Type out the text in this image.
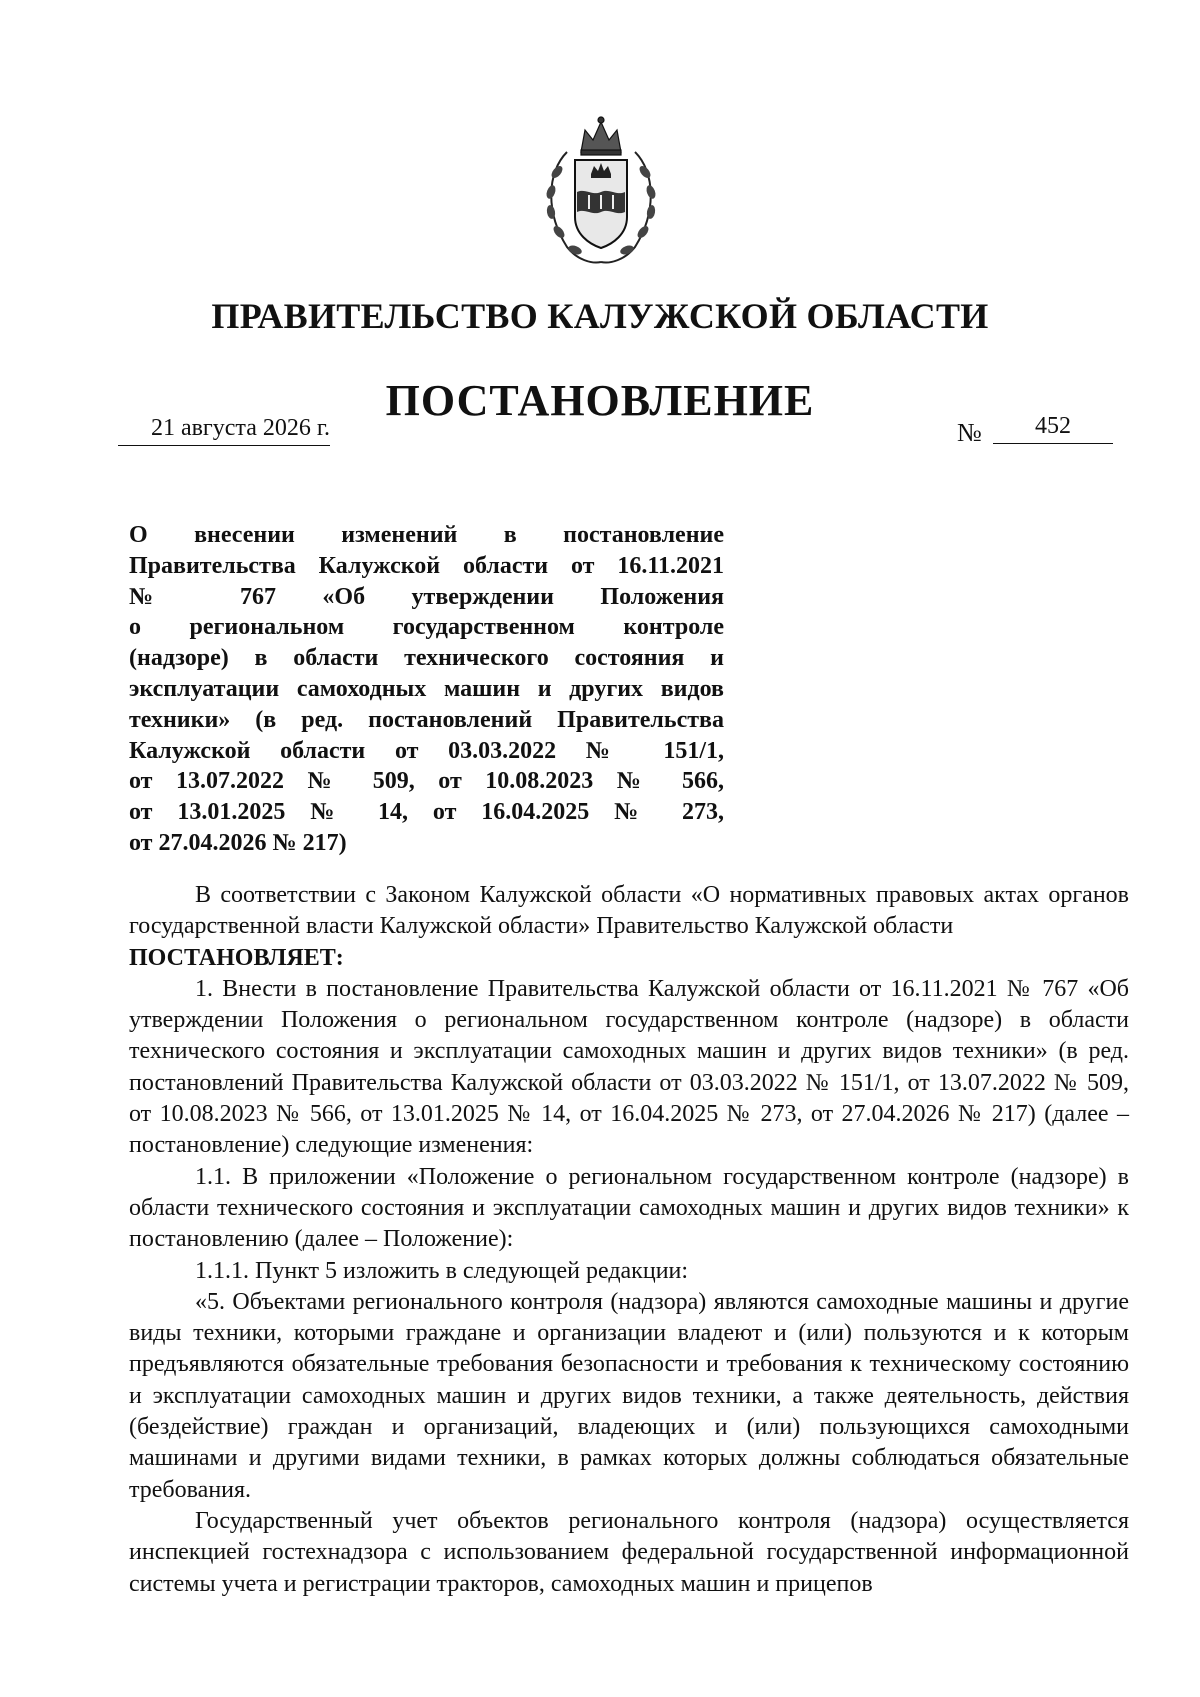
ПРАВИТЕЛЬСТВО КАЛУЖСКОЙ ОБЛАСТИ
ПОСТАНОВЛЕНИЕ
21 августа 2026 г.	№	452
О внесении изменений в постановление
Правительства Калужской области от 16.11.2021
№ 767 «Об утверждении Положения
о региональном государственном контроле
(надзоре) в области технического состояния и
эксплуатации самоходных машин и других видов
техники» (в ред. постановлений Правительства
Калужской области от 03.03.2022 № 151/1,
от 13.07.2022 № 509, от 10.08.2023 № 566,
от 13.01.2025 № 14, от 16.04.2025 № 273,
от 27.04.2026 № 217)

В соответствии с Законом Калужской области «О нормативных правовых актах органов государственной власти Калужской области» Правительство Калужской области

ПОСТАНОВЛЯЕТ:

1. Внести в постановление Правительства Калужской области от 16.11.2021 № 767 «Об утверждении Положения о региональном государственном контроле (надзоре) в области технического состояния и эксплуатации самоходных машин и других видов техники» (в ред. постановлений Правительства Калужской области от 03.03.2022 № 151/1, от 13.07.2022 № 509, от 10.08.2023 № 566, от 13.01.2025 № 14, от 16.04.2025 № 273, от 27.04.2026 № 217) (далее – постановление) следующие изменения:

1.1. В приложении «Положение о региональном государственном контроле (надзоре) в области технического состояния и эксплуатации самоходных машин и других видов техники» к постановлению (далее – Положение):

1.1.1. Пункт 5 изложить в следующей редакции:

«5. Объектами регионального контроля (надзора) являются самоходные машины и другие виды техники, которыми граждане и организации владеют и (или) пользуются и к которым предъявляются обязательные требования безопасности и требования к техническому состоянию и эксплуатации самоходных машин и других видов техники, а также деятельность, действия (бездействие) граждан и организаций, владеющих и (или) пользующихся самоходными машинами и другими видами техники, в рамках которых должны соблюдаться обязательные требования.

Государственный учет объектов регионального контроля (надзора) осуществляется инспекцией гостехнадзора с использованием федеральной государственной информационной системы учета и регистрации тракторов, самоходных машин и прицепов
